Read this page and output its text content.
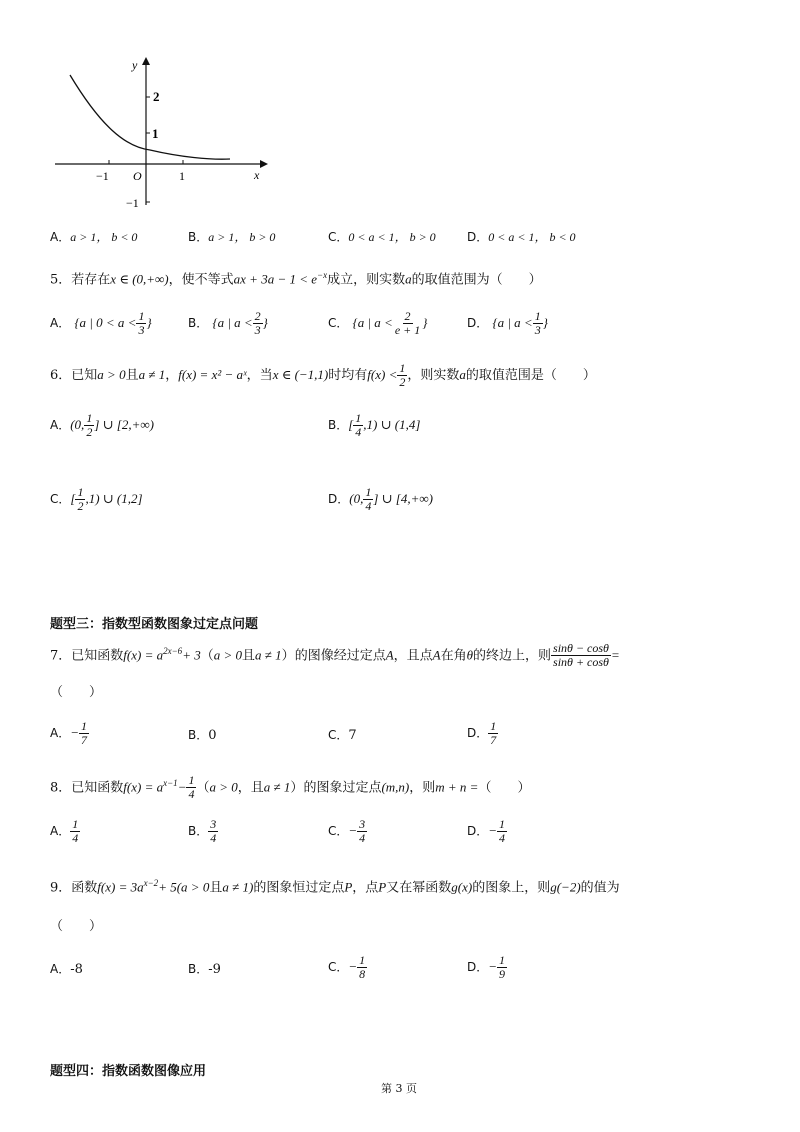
y
x
2
1
−1
−1 O	1
A．a > 1， b < 0	B．a > 1， b > 0	C．0 < a < 1， b > 0	D．0 < a < 1， b < 0
5．若存在x ∈ (0,+∞)，使不等式ax + $3a - 1 < e^{-x}$成立，则实数a的取值范围为（　　）
A． {a | $0 < a < \frac{1}{3}$ }	B． {a | $a < \frac{2}{3}$ }	C． {a | $a < \frac{2}{e + 1}$ }	D． {a | $a < \frac{1}{3}$ }
6．已知a > 0且a ≠ 1，f(x) = x² − aˣ，当x ∈ (−1,1)时均有$f(x) < \frac{1}{2}$ ，则实数a的取值范围是（　　）
A．(0, $\frac{1}{2}$ ] ∪ [2,+∞)	B．[ $\frac{1}{4} ,1$) ∪ (1,4]
C．[ $\frac{1}{2} ,1$) ∪ (1,2]	D．(0, $\frac{1}{4}$ ] ∪ [4,+∞)
题型三：指数型函数图象过定点问题
7．已知函数$f(x) = a^{2x-6}+ 3(a > 0$且a ≠ 1）的图像经过定点A，且点A在角θ的终边上，则 $\frac{\sin\theta - \cos\theta}{\sin\theta + \cos\theta}$ =
（　　）
A．− $\frac{1}{7}$	B．0	C．7	D． $\frac{1}{7}$
8．已知函数$f(x) = a^{x-1}- \frac{1}{4} (a > 0$，且a ≠ 1）的图象过定点(m,n)，则m + n =（　　）
A． $\frac{1}{4}$	B． $\frac{3}{4}$	C．− $\frac{3}{4}$	D．− $\frac{1}{4}$
9．函数$f(x) = 3a^{x-2}+ 5(a > 0$且a ≠ 1)的图象恒过定点P，点P又在幂函数g(x)的图象上，则g(−2)的值为
（　　）
A．-8	B．-9	C．− $\frac{1}{8}$	D．− $\frac{1}{9}$
题型四：指数函数图像应用
第 3 页
